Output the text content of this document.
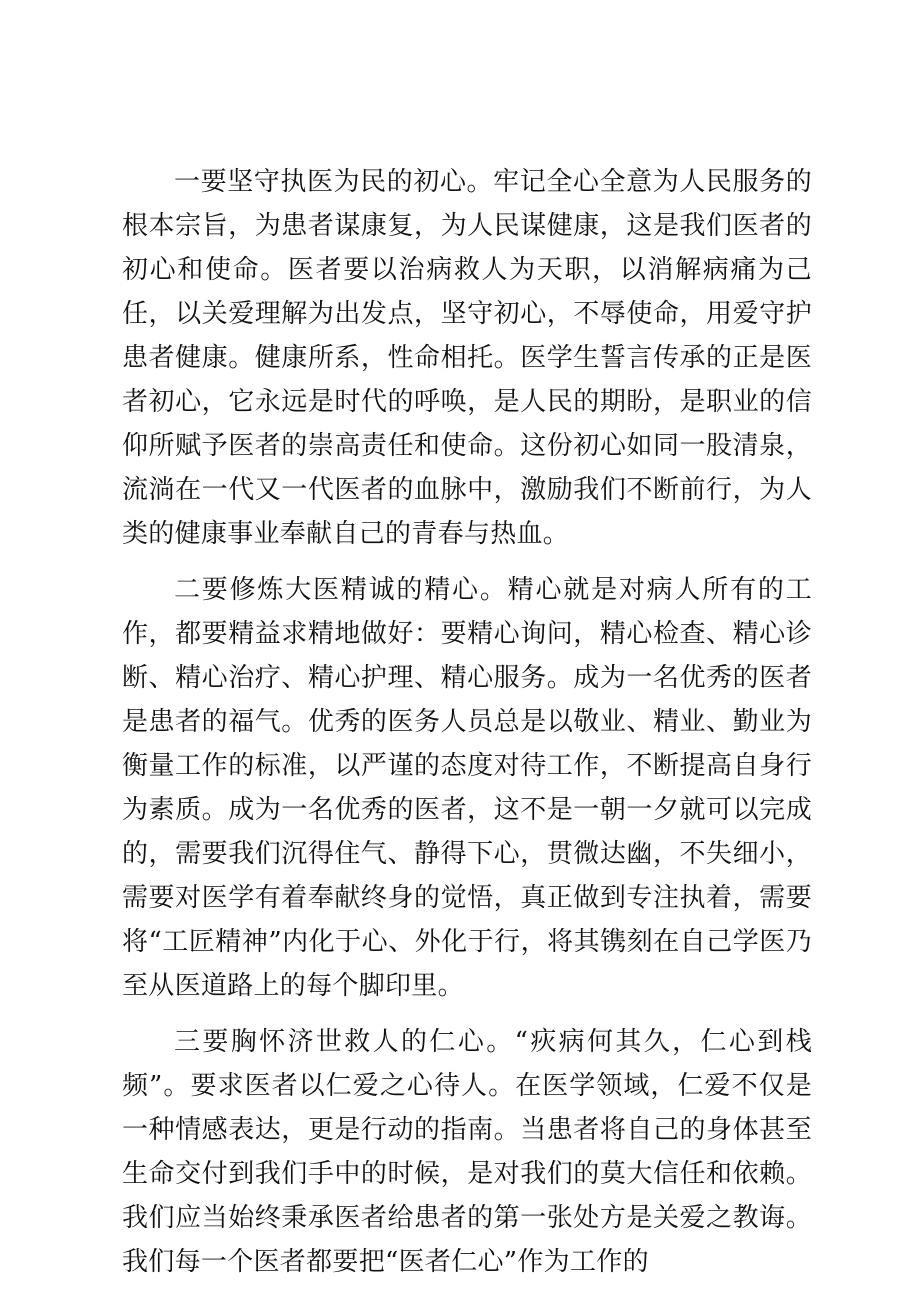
一要坚守执医为民的初心。牢记全心全意为人民服务的根本宗旨，为患者谋康复，为人民谋健康，这是我们医者的初心和使命。医者要以治病救人为天职，以消解病痛为己任，以关爱理解为出发点，坚守初心，不辱使命，用爱守护患者健康。健康所系，性命相托。医学生誓言传承的正是医者初心，它永远是时代的呼唤，是人民的期盼，是职业的信仰所赋予医者的崇高责任和使命。这份初心如同一股清泉，流淌在一代又一代医者的血脉中，激励我们不断前行，为人类的健康事业奉献自己的青春与热血。

二要修炼大医精诚的精心。精心就是对病人所有的工作，都要精益求精地做好：要精心询问，精心检查、精心诊断、精心治疗、精心护理、精心服务。成为一名优秀的医者是患者的福气。优秀的医务人员总是以敬业、精业、勤业为衡量工作的标准，以严谨的态度对待工作，不断提高自身行为素质。成为一名优秀的医者，这不是一朝一夕就可以完成的，需要我们沉得住气、静得下心，贯微达幽，不失细小，需要对医学有着奉献终身的觉悟，真正做到专注执着，需要将“工匠精神”内化于心、外化于行，将其镌刻在自己学医乃至从医道路上的每个脚印里。

三要胸怀济世救人的仁心。“疢病何其久，仁心到栈频”。要求医者以仁爱之心待人。在医学领域，仁爱不仅是一种情感表达，更是行动的指南。当患者将自己的身体甚至生命交付到我们手中的时候，是对我们的莫大信任和依赖。我们应当始终秉承医者给患者的第一张处方是关爱之教诲。我们每一个医者都要把“医者仁心”作为工作的
